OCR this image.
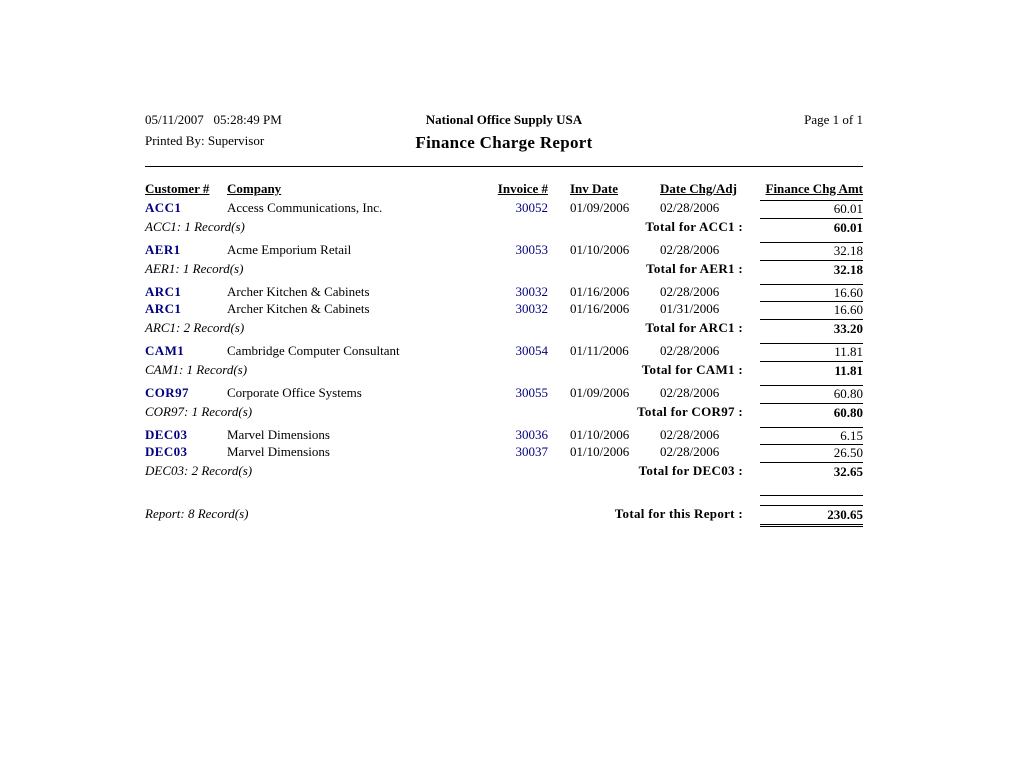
05/11/2007   05:28:49 PM	National Office Supply USA	Page 1 of 1
Printed By: Supervisor	Finance Charge Report
Customer #	Company	Invoice # Inv Date	Date Chg/Adj	Finance Chg Amt
ACC1	Access Communications, Inc.	30052 01/09/2006	02/28/2006	60.01
ACC1: 1 Record(s)	Total for ACC1 :	60.01
AER1	Acme Emporium Retail	30053 01/10/2006	02/28/2006	32.18
AER1: 1 Record(s)	Total for AER1 :	32.18
ARC1	Archer Kitchen & Cabinets	30032 01/16/2006	02/28/2006	16.60
ARC1	Archer Kitchen & Cabinets	30032 01/16/2006	01/31/2006	16.60
ARC1: 2 Record(s)	Total for ARC1 :	33.20
CAM1	Cambridge Computer Consultant	30054 01/11/2006	02/28/2006	11.81
CAM1: 1 Record(s)	Total for CAM1 :	11.81
COR97	Corporate Office Systems	30055 01/09/2006	02/28/2006	60.80
COR97: 1 Record(s)	Total for COR97 :	60.80
DEC03	Marvel Dimensions	30036 01/10/2006	02/28/2006	6.15
DEC03	Marvel Dimensions	30037 01/10/2006	02/28/2006	26.50
DEC03: 2 Record(s)	Total for DEC03 :	32.65
Report: 8 Record(s)	Total for this Report :	230.65
